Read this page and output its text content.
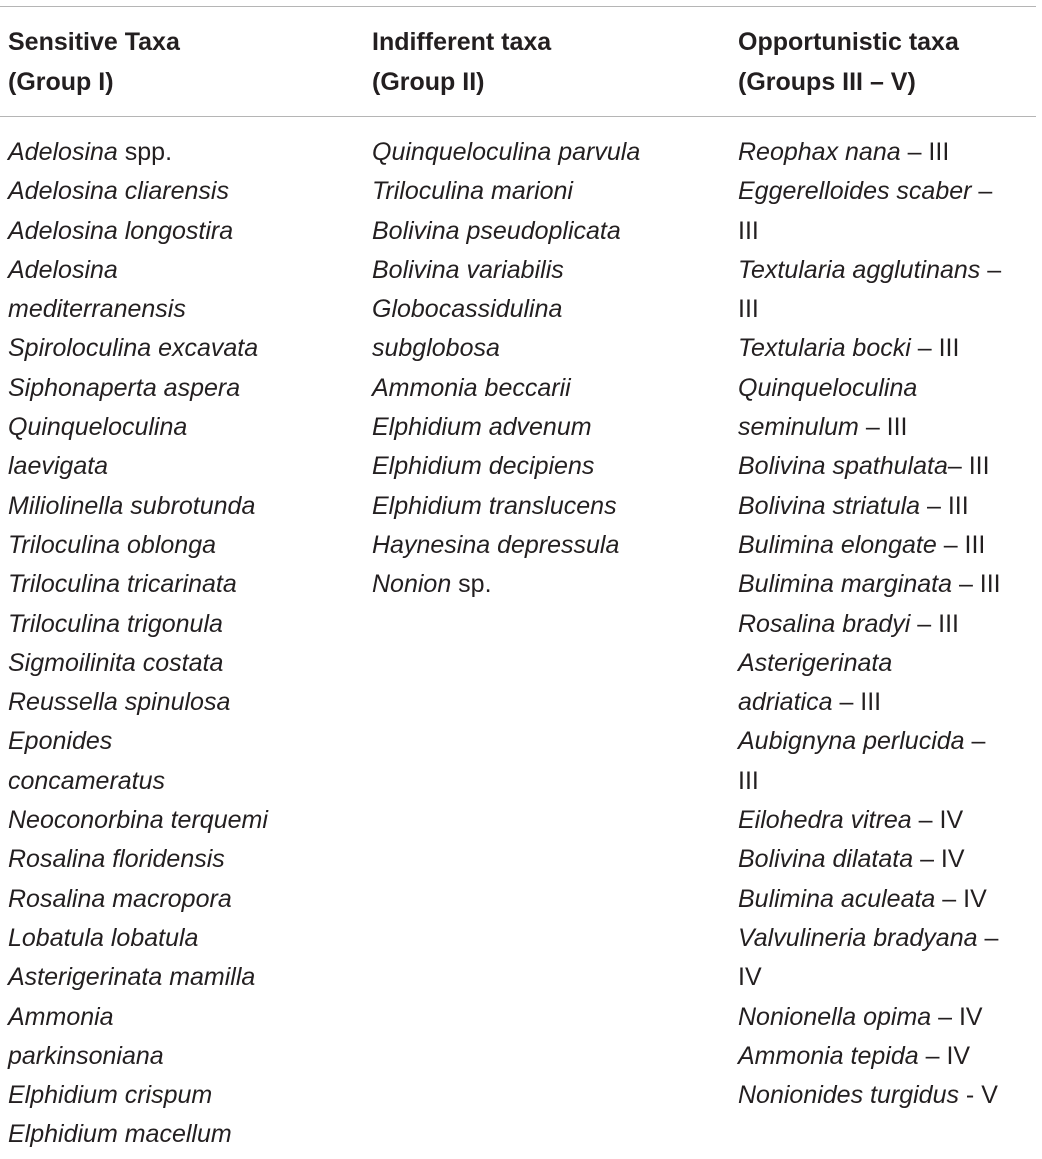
Sensitive Taxa
(Group I)
Indifferent taxa
(Group II)
Opportunistic taxa
(Groups III – V)
Adelosina spp.
Adelosina cliarensis
Adelosina longostira
Adelosina
mediterranensis
Spiroloculina excavata
Siphonaperta aspera
Quinqueloculina
laevigata
Miliolinella subrotunda
Triloculina oblonga
Triloculina tricarinata
Triloculina trigonula
Sigmoilinita costata
Reussella spinulosa
Eponides
concameratus
Neoconorbina terquemi
Rosalina floridensis
Rosalina macropora
Lobatula lobatula
Asterigerinata mamilla
Ammonia
parkinsoniana
Elphidium crispum
Elphidium macellum
Quinqueloculina parvula
Triloculina marioni
Bolivina pseudoplicata
Bolivina variabilis
Globocassidulina
subglobosa
Ammonia beccarii
Elphidium advenum
Elphidium decipiens
Elphidium translucens
Haynesina depressula
Nonion sp.
Reophax nana – III
Eggerelloides scaber –
III
Textularia agglutinans –
III
Textularia bocki – III
Quinqueloculina
seminulum – III
Bolivina spathulata– III
Bolivina striatula – III
Bulimina elongate – III
Bulimina marginata – III
Rosalina bradyi – III
Asterigerinata
adriatica – III
Aubignyna perlucida –
III
Eilohedra vitrea – IV
Bolivina dilatata – IV
Bulimina aculeata – IV
Valvulineria bradyana –
IV
Nonionella opima – IV
Ammonia tepida – IV
Nonionides turgidus - V
